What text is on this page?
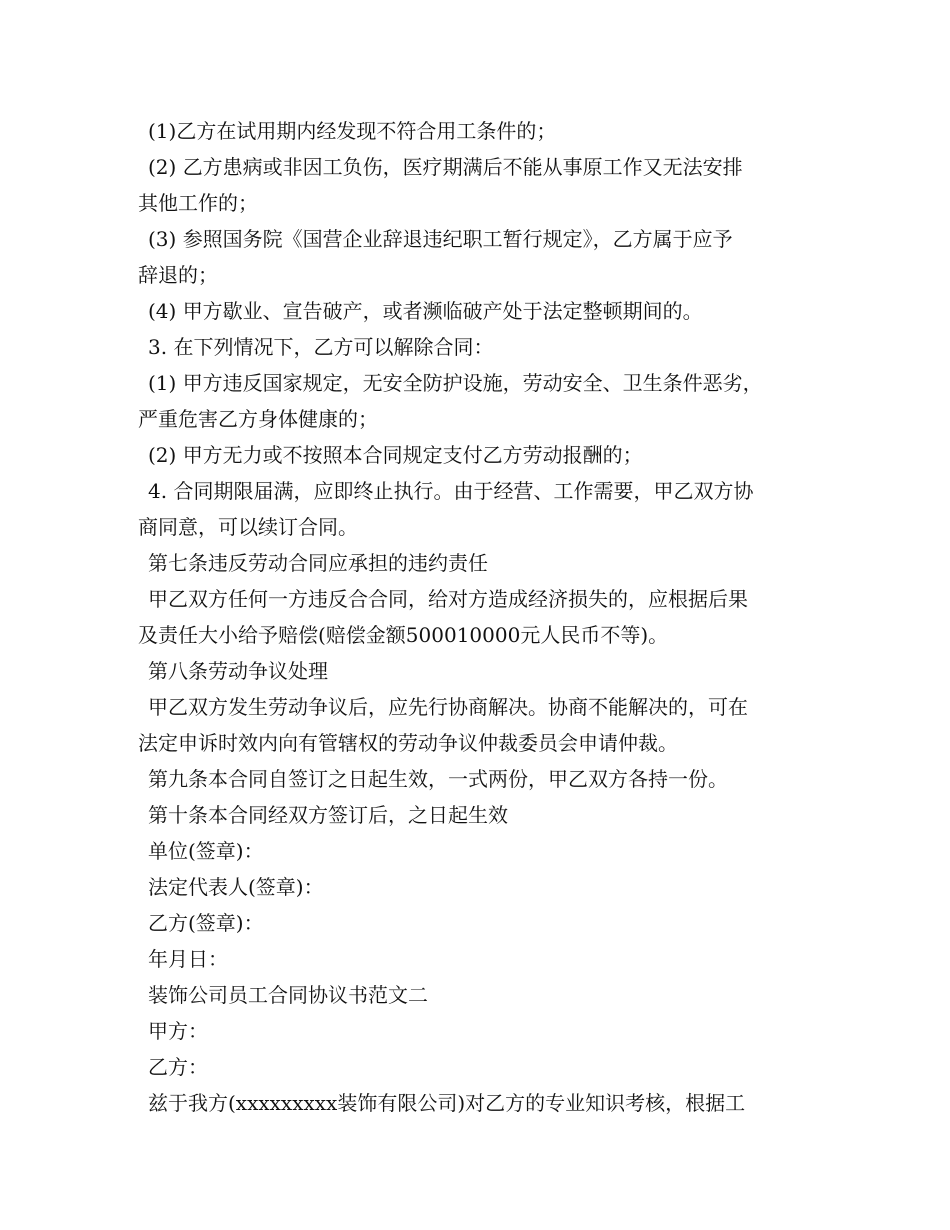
(1)乙方在试用期内经发现不符合用工条件的；
(2) 乙方患病或非因工负伤，医疗期满后不能从事原工作又无法安排
其他工作的；
(3) 参照国务院《国营企业辞退违纪职工暂行规定》，乙方属于应予
辞退的；
(4) 甲方歇业、宣告破产，或者濒临破产处于法定整顿期间的。
3. 在下列情况下，乙方可以解除合同：
(1) 甲方违反国家规定，无安全防护设施，劳动安全、卫生条件恶劣，
严重危害乙方身体健康的；
(2) 甲方无力或不按照本合同规定支付乙方劳动报酬的；
4. 合同期限届满，应即终止执行。由于经营、工作需要，甲乙双方协
商同意，可以续订合同。
第七条违反劳动合同应承担的违约责任
甲乙双方任何一方违反合合同，给对方造成经济损失的，应根据后果
及责任大小给予赔偿(赔偿金额500010000元人民币不等)。
第八条劳动争议处理
甲乙双方发生劳动争议后，应先行协商解决。协商不能解决的，可在
法定申诉时效内向有管辖权的劳动争议仲裁委员会申请仲裁。
第九条本合同自签订之日起生效，一式两份，甲乙双方各持一份。
第十条本合同经双方签订后，之日起生效
单位(签章)：
法定代表人(签章)：
乙方(签章)：
年月日：
装饰公司员工合同协议书范文二
甲方：
乙方：
兹于我方(xxxxxxxxx装饰有限公司)对乙方的专业知识考核，根据工
